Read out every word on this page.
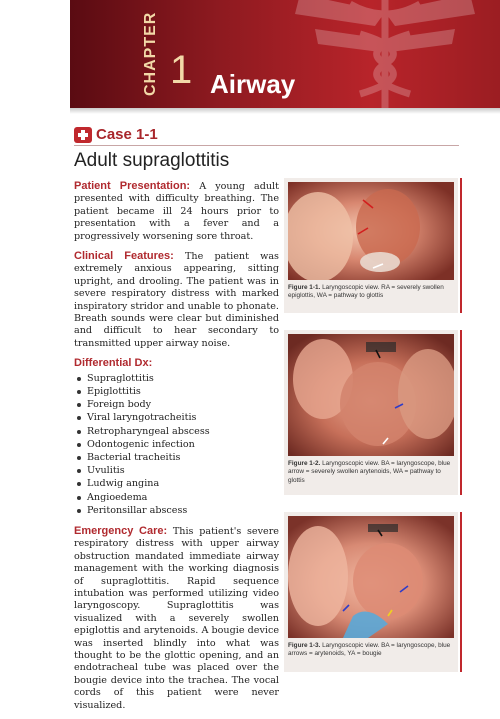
CHAPTER 1 Airway
Case 1-1
Adult supraglottitis

Patient Presentation: A young adult presented with difficulty breathing. The patient became ill 24 hours prior to presentation with a fever and a progressively worsening sore throat.

Clinical Features: The patient was extremely anxious appearing, sitting upright, and drooling. The patient was in severe respiratory distress with marked inspiratory stridor and unable to phonate. Breath sounds were clear but diminished and difficult to hear secondary to transmitted upper airway noise.

Differential Dx:
Supraglottitis
Epiglottitis
Foreign body
Viral laryngotracheitis
Retropharyngeal abscess
Odontogenic infection
Bacterial tracheitis
Uvulitis
Ludwig angina
Angioedema
Peritonsillar abscess

Emergency Care: This patient's severe respiratory distress with upper airway obstruction mandated immediate airway management with the working diagnosis of supraglottitis. Rapid sequence intubation was performed utilizing video laryngoscopy. Supraglottitis was visualized with a severely swollen epiglottis and arytenoids. A bougie device was inserted blindly into what was thought to be the glottic opening, and an endotracheal tube was placed over the bougie device into the trachea. The vocal cords of this patient were never visualized.

Figure 1-1. Laryngoscopic view. RA = severely swollen epiglottis, WA = pathway to glottis
Figure 1-2. Laryngoscopic view. BA = laryngoscope, blue arrow = severely swollen arytenoids, WA = pathway to glottis
Figure 1-3. Laryngoscopic view. BA = laryngoscope, blue arrows = arytenoids, YA = bougie
